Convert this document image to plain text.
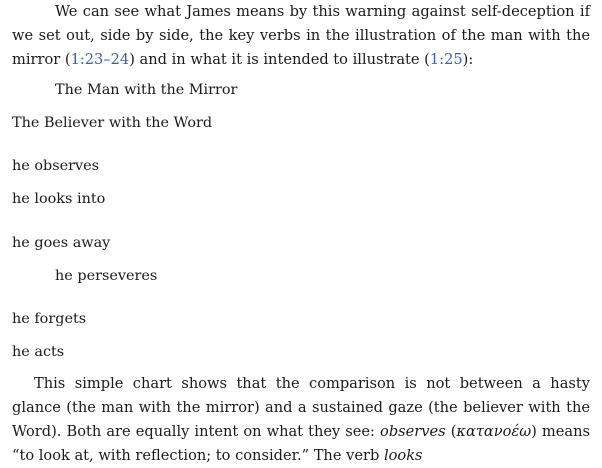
We can see what James means by this warning against self-deception if we set out, side by side, the key verbs in the illustration of the man with the mirror (1:23–24) and in what it is intended to illustrate (1:25):

The Man with the Mirror

The Believer with the Word

he observes

he looks into

he goes away

he perseveres

he forgets

he acts

This simple chart shows that the comparison is not between a hasty glance (the man with the mirror) and a sustained gaze (the believer with the Word). Both are equally intent on what they see: observes (κατανοέω) means “to look at, with reflection; to consider.” The verb looks
